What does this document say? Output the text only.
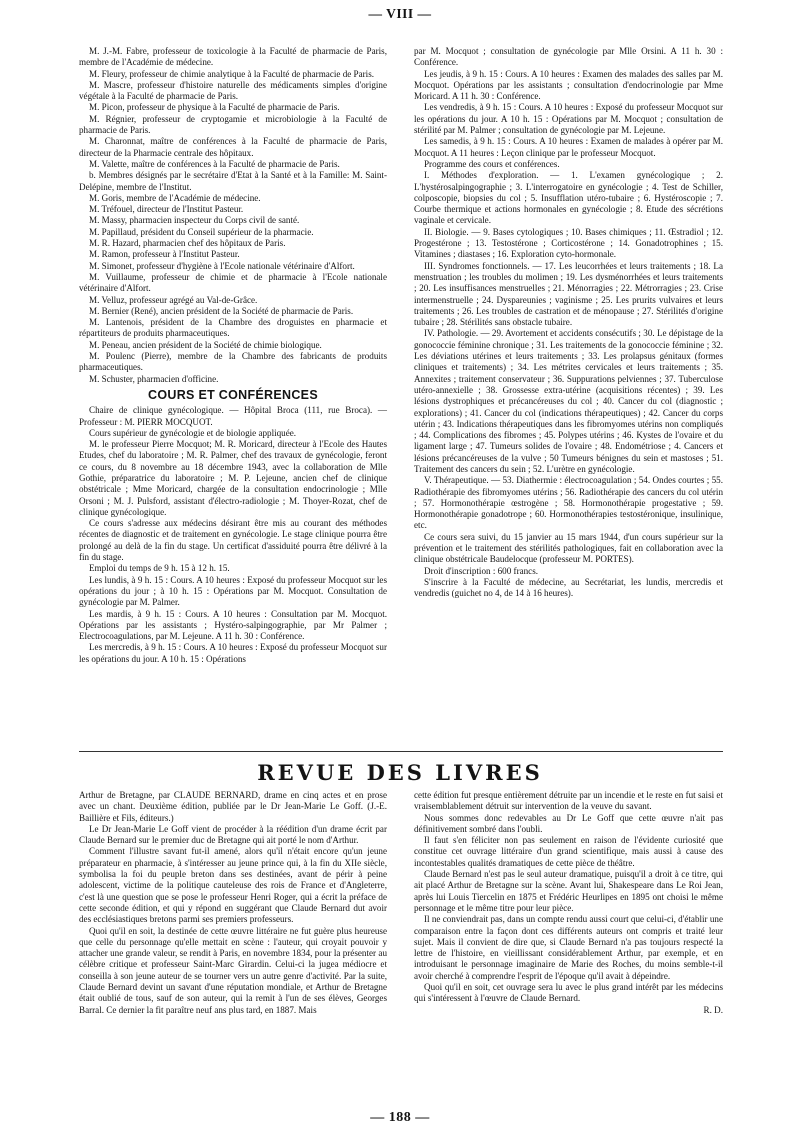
— VIII —

M. J.-M. Fabre, professeur de toxicologie à la Faculté de pharmacie de Paris, membre de l'Académie de médecine.

M. Fleury, professeur de chimie analytique à la Faculté de pharmacie de Paris.

M. Mascre, professeur d'histoire naturelle des médicaments simples d'origine végétale à la Faculté de pharmacie de Paris.

M. Picon, professeur de physique à la Faculté de pharmacie de Paris.

M. Régnier, professeur de cryptogamie et microbiologie à la Faculté de pharmacie de Paris.

M. Charonnat, maître de conférences à la Faculté de pharmacie de Paris, directeur de la Pharmacie centrale des hôpitaux.

M. Valette, maître de conférences à la Faculté de pharmacie de Paris.

b. Membres désignés par le secrétaire d'Etat à la Santé et à la Famille: M. Saint-Delépine, membre de l'Institut.

M. Goris, membre de l'Académie de médecine.

M. Tréfouel, directeur de l'Institut Pasteur.

M. Massy, pharmacien inspecteur du Corps civil de santé.

M. Papillaud, président du Conseil supérieur de la pharmacie.

M. R. Hazard, pharmacien chef des hôpitaux de Paris.

M. Ramon, professeur à l'Institut Pasteur.

M. Simonet, professeur d'hygiène à l'Ecole nationale vétérinaire d'Alfort.

M. Vuillaume, professeur de chimie et de pharmacie à l'Ecole nationale vétérinaire d'Alfort.

M. Velluz, professeur agrégé au Val-de-Grâce.

M. Bernier (René), ancien président de la Société de pharmacie de Paris.

M. Lantenois, président de la Chambre des droguistes en pharmacie et répartiteurs de produits pharmaceutiques.

M. Peneau, ancien président de la Société de chimie biologique.

M. Poulenc (Pierre), membre de la Chambre des fabricants de produits pharmaceutiques.

M. Schuster, pharmacien d'officine.

COURS ET CONFÉRENCES

Chaire de clinique gynécologique. — Hôpital Broca (111, rue Broca). — Professeur : M. PIERR MOCQUOT.

Cours supérieur de gynécologie et de biologie appliquée.

M. le professeur Pierre Mocquot; M. R. Moricard, directeur à l'Ecole des Hautes Etudes, chef du laboratoire ; M. R. Palmer, chef des travaux de gynécologie, feront ce cours, du 8 novembre au 18 décembre 1943, avec la collaboration de Mlle Gothie, préparatrice du laboratoire ; M. P. Lejeune, ancien chef de clinique obstétricale ; Mme Moricard, chargée de la consultation endocrinologie ; Mlle Orsoni ; M. J. Pulsford, assistant d'électro-radiologie ; M. Thoyer-Rozat, chef de clinique gynécologique.

Ce cours s'adresse aux médecins désirant être mis au courant des méthodes récentes de diagnostic et de traitement en gynécologie. Le stage clinique pourra être prolongé au delà de la fin du stage. Un certificat d'assiduité pourra être délivré à la fin du stage.

Emploi du temps de 9 h. 15 à 12 h. 15.

Les lundis, à 9 h. 15 : Cours. A 10 heures : Exposé du professeur Mocquot sur les opérations du jour ; à 10 h. 15 : Opérations par M. Mocquot. Consultation de gynécologie par M. Palmer.

Les mardis, à 9 h. 15 : Cours. A 10 heures : Consultation par M. Mocquot. Opérations par les assistants ; Hystéro-salpingographie, par Mr Palmer ; Electrocoagulations, par M. Lejeune. A 11 h. 30 : Conférence.

Les mercredis, à 9 h. 15 : Cours. A 10 heures : Exposé du professeur Mocquot sur les opérations du jour. A 10 h. 15 : Opérations

par M. Mocquot ; consultation de gynécologie par Mlle Orsini. A 11 h. 30 : Conférence.

Les jeudis, à 9 h. 15 : Cours. A 10 heures : Examen des malades des salles par M. Mocquot. Opérations par les assistants ; consultation d'endocrinologie par Mme Moricard. A 11 h. 30 : Conférence.

Les vendredis, à 9 h. 15 : Cours. A 10 heures : Exposé du professeur Mocquot sur les opérations du jour. A 10 h. 15 : Opérations par M. Mocquot ; consultation de stérilité par M. Palmer ; consultation de gynécologie par M. Lejeune.

Les samedis, à 9 h. 15 : Cours. A 10 heures : Examen de malades à opérer par M. Mocquot. A 11 heures : Leçon clinique par le professeur Mocquot.

Programme des cours et conférences.

I. Méthodes d'exploration. — 1. L'examen gynécologique ; 2. L'hystérosalpingographie ; 3. L'interrogatoire en gynécologie ; 4. Test de Schiller, colposcopie, biopsies du col ; 5. Insufflation utéro-tubaire ; 6. Hystéroscopie ; 7. Courbe thermique et actions hormonales en gynécologie ; 8. Etude des sécrétions vaginale et cervicale.

II. Biologie. — 9. Bases cytologiques ; 10. Bases chimiques ; 11. Œstradiol ; 12. Progestérone ; 13. Testostérone ; Corticostérone ; 14. Gonadotrophines ; 15. Vitamines ; diastases ; 16. Exploration cyto-hormonale.

III. Syndromes fonctionnels. — 17. Les leucorrhées et leurs traitements ; 18. La menstruation ; les troubles du molimen ; 19. Les dysménorrhées et leurs traitements ; 20. Les insuffisances menstruelles ; 21. Ménorragies ; 22. Métrorragies ; 23. Crise intermenstruelle ; 24. Dyspareunies ; vaginisme ; 25. Les prurits vulvaires et leurs traitements ; 26. Les troubles de castration et de ménopause ; 27. Stérilités d'origine tubaire ; 28. Stérilités sans obstacle tubaire.

IV. Pathologie. — 29. Avortement et accidents consécutifs ; 30. Le dépistage de la gonococcie féminine chronique ; 31. Les traitements de la gonococcie féminine ; 32. Les déviations utérines et leurs traitements ; 33. Les prolapsus génitaux (formes cliniques et traitements) ; 34. Les métrites cervicales et leurs traitements ; 35. Annexites ; traitement conservateur ; 36. Suppurations pelviennes ; 37. Tuberculose utéro-annexielle ; 38. Grossesse extra-utérine (acquisitions récentes) ; 39. Les lésions dystrophiques et précancéreuses du col ; 40. Cancer du col (diagnostic ; explorations) ; 41. Cancer du col (indications thérapeutiques) ; 42. Cancer du corps utérin ; 43. Indications thérapeutiques dans les fibromyomes utérins non compliqués ; 44. Complications des fibromes ; 45. Polypes utérins ; 46. Kystes de l'ovaire et du ligament large ; 47. Tumeurs solides de l'ovaire ; 48. Endométriose ; 4. Cancers et lésions précancéreuses de la vulve ; 50 Tumeurs bénignes du sein et mastoses ; 51. Traitement des cancers du sein ; 52. L'urètre en gynécologie.

V. Thérapeutique. — 53. Diathermie : électrocoagulation ; 54. Ondes courtes ; 55. Radiothérapie des fibromyomes utérins ; 56. Radiothérapie des cancers du col utérin ; 57. Hormonothérapie œstrogène ; 58. Hormonothérapie progestative ; 59. Hormonothérapie gonadotrope ; 60. Hormonothérapies testostéronique, insulinique, etc.

Ce cours sera suivi, du 15 janvier au 15 mars 1944, d'un cours supérieur sur la prévention et le traitement des stérilités pathologiques, fait en collaboration avec la clinique obstétricale Baudelocque (professeur M. PORTES).

Droit d'inscription : 600 francs.

S'inscrire à la Faculté de médecine, au Secrétariat, les lundis, mercredis et vendredis (guichet no 4, de 14 à 16 heures).

REVUE DES LIVRES

Arthur de Bretagne, par CLAUDE BERNARD, drame en cinq actes et en prose avec un chant. Deuxième édition, publiée par le Dr Jean-Marie Le Goff. (J.-E. Baillière et Fils, éditeurs.)

Le Dr Jean-Marie Le Goff vient de procéder à la réédition d'un drame écrit par Claude Bernard sur le premier duc de Bretagne qui ait porté le nom d'Arthur.

Comment l'illustre savant fut-il amené, alors qu'il n'était encore qu'un jeune préparateur en pharmacie, à s'intéresser au jeune prince qui, à la fin du XIIe siècle, symbolisa la foi du peuple breton dans ses destinées, avant de périr à peine adolescent, victime de la politique cauteleuse des rois de France et d'Angleterre, c'est là une question que se pose le professeur Henri Roger, qui a écrit la préface de cette seconde édition, et qui y répond en suggérant que Claude Bernard dut avoir des ecclésiastiques bretons parmi ses premiers professeurs.

Quoi qu'il en soit, la destinée de cette œuvre littéraire ne fut guère plus heureuse que celle du personnage qu'elle mettait en scène : l'auteur, qui croyait pouvoir y attacher une grande valeur, se rendit à Paris, en novembre 1834, pour la présenter au célèbre critique et professeur Saint-Marc Girardin. Celui-ci la jugea médiocre et conseilla à son jeune auteur de se tourner vers un autre genre d'activité. Par la suite, Claude Bernard devint un savant d'une réputation mondiale, et Arthur de Bretagne était oublié de tous, sauf de son auteur, qui la remit à l'un de ses élèves, Georges Barral. Ce dernier la fit paraître neuf ans plus tard, en 1887. Mais

cette édition fut presque entièrement détruite par un incendie et le reste en fut saisi et vraisemblablement détruit sur intervention de la veuve du savant.

Nous sommes donc redevables au Dr Le Goff que cette œuvre n'ait pas définitivement sombré dans l'oubli.

Il faut s'en féliciter non pas seulement en raison de l'évidente curiosité que constitue cet ouvrage littéraire d'un grand scientifique, mais aussi à cause des incontestables qualités dramatiques de cette pièce de théâtre.

Claude Bernard n'est pas le seul auteur dramatique, puisqu'il a droit à ce titre, qui ait placé Arthur de Bretagne sur la scène. Avant lui, Shakespeare dans Le Roi Jean, après lui Louis Tiercelin en 1875 et Frédéric Heurlipes en 1895 ont choisi le même personnage et le même titre pour leur pièce.

Il ne conviendrait pas, dans un compte rendu aussi court que celui-ci, d'établir une comparaison entre la façon dont ces différents auteurs ont compris et traité leur sujet. Mais il convient de dire que, si Claude Bernard n'a pas toujours respecté la lettre de l'histoire, en vieillissant considérablement Arthur, par exemple, et en introduisant le personnage imaginaire de Marie des Roches, du moins semble-t-il avoir cherché à comprendre l'esprit de l'époque qu'il avait à dépeindre.

Quoi qu'il en soit, cet ouvrage sera lu avec le plus grand intérêt par les médecins qui s'intéressent à l'œuvre de Claude Bernard.

R. D.

— 188 —
